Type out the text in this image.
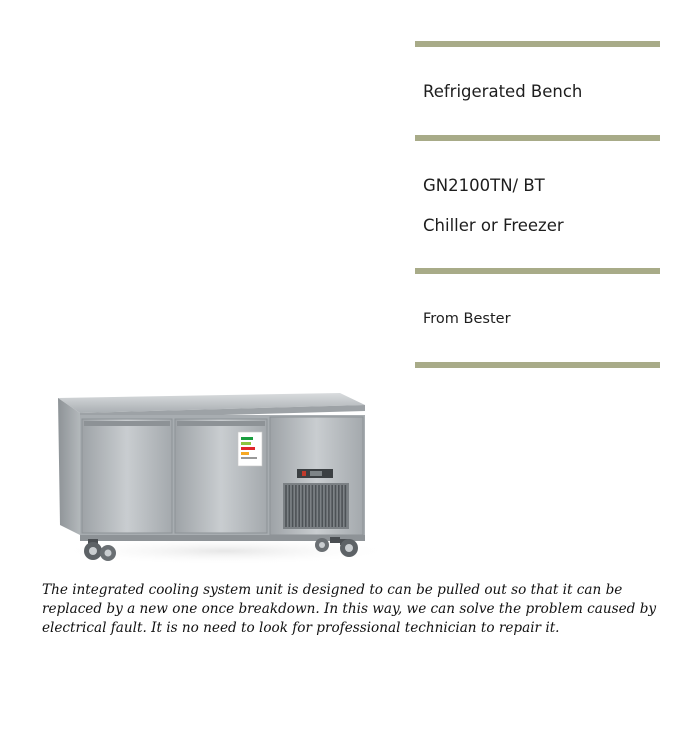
Refrigerated Bench
GN2100TN/ BT
Chiller or Freezer
From Bester
The integrated cooling system unit is designed to can be pulled out so that it can be replaced by a new one once breakdown. In this way, we can solve the problem caused by electrical fault. It is no need to look for professional technician to repair it.
